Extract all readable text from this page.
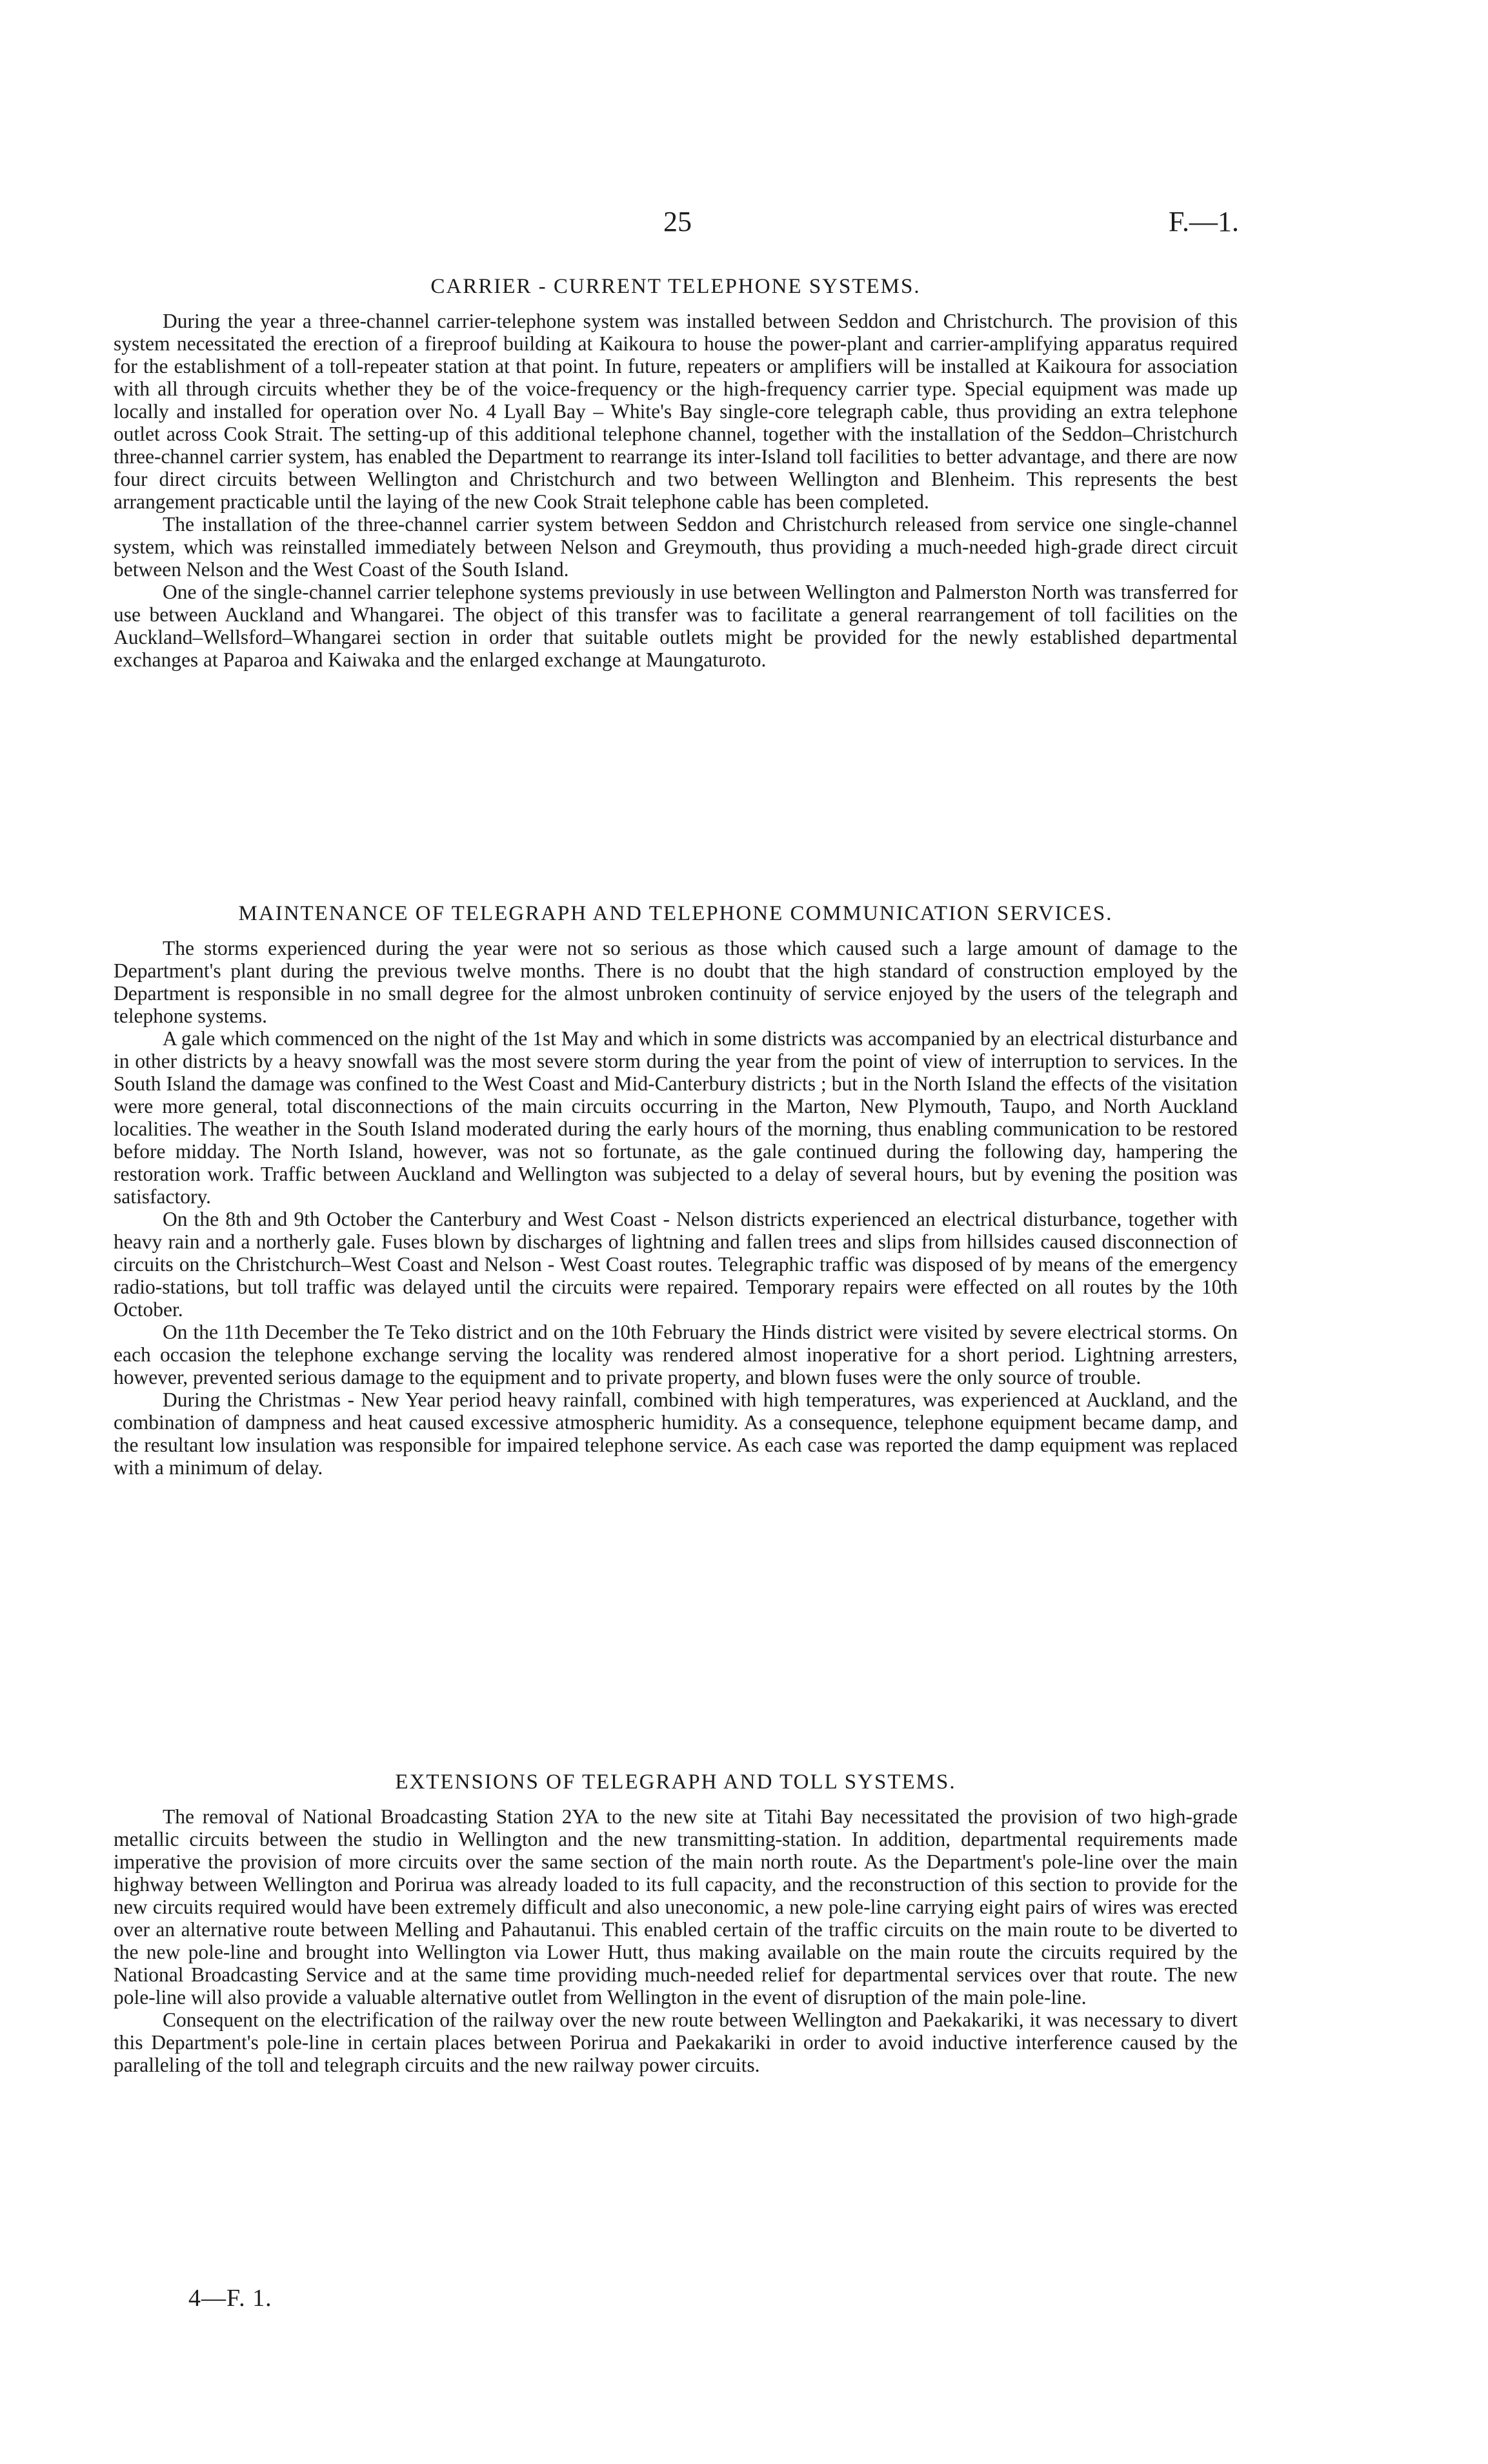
25	F.—1.

CARRIER - CURRENT TELEPHONE SYSTEMS.

During the year a three-channel carrier-telephone system was installed between Seddon and Christchurch. The provision of this system necessitated the erection of a fireproof building at Kaikoura to house the power-plant and carrier-amplifying apparatus required for the establishment of a toll-repeater station at that point. In future, repeaters or amplifiers will be installed at Kaikoura for association with all through circuits whether they be of the voice-frequency or the high-frequency carrier type. Special equipment was made up locally and installed for operation over No. 4 Lyall Bay – White's Bay single-core telegraph cable, thus providing an extra telephone outlet across Cook Strait. The setting-up of this additional telephone channel, together with the installation of the Seddon–Christchurch three-channel carrier system, has enabled the Department to rearrange its inter-Island toll facilities to better advantage, and there are now four direct circuits between Wellington and Christchurch and two between Wellington and Blenheim. This represents the best arrangement practicable until the laying of the new Cook Strait telephone cable has been completed.

The installation of the three-channel carrier system between Seddon and Christchurch released from service one single-channel system, which was reinstalled immediately between Nelson and Greymouth, thus providing a much-needed high-grade direct circuit between Nelson and the West Coast of the South Island.

One of the single-channel carrier telephone systems previously in use between Wellington and Palmerston North was transferred for use between Auckland and Whangarei. The object of this transfer was to facilitate a general rearrangement of toll facilities on the Auckland–Wellsford–Whangarei section in order that suitable outlets might be provided for the newly established departmental exchanges at Paparoa and Kaiwaka and the enlarged exchange at Maungaturoto.

MAINTENANCE OF TELEGRAPH AND TELEPHONE COMMUNICATION SERVICES.

The storms experienced during the year were not so serious as those which caused such a large amount of damage to the Department's plant during the previous twelve months. There is no doubt that the high standard of construction employed by the Department is responsible in no small degree for the almost unbroken continuity of service enjoyed by the users of the telegraph and telephone systems.

A gale which commenced on the night of the 1st May and which in some districts was accompanied by an electrical disturbance and in other districts by a heavy snowfall was the most severe storm during the year from the point of view of interruption to services. In the South Island the damage was confined to the West Coast and Mid-Canterbury districts ; but in the North Island the effects of the visitation were more general, total disconnections of the main circuits occurring in the Marton, New Plymouth, Taupo, and North Auckland localities. The weather in the South Island moderated during the early hours of the morning, thus enabling communication to be restored before midday. The North Island, however, was not so fortunate, as the gale continued during the following day, hampering the restoration work. Traffic between Auckland and Wellington was subjected to a delay of several hours, but by evening the position was satisfactory.

On the 8th and 9th October the Canterbury and West Coast - Nelson districts experienced an electrical disturbance, together with heavy rain and a northerly gale. Fuses blown by discharges of lightning and fallen trees and slips from hillsides caused disconnection of circuits on the Christchurch–West Coast and Nelson - West Coast routes. Telegraphic traffic was disposed of by means of the emergency radio-stations, but toll traffic was delayed until the circuits were repaired. Temporary repairs were effected on all routes by the 10th October.

On the 11th December the Te Teko district and on the 10th February the Hinds district were visited by severe electrical storms. On each occasion the telephone exchange serving the locality was rendered almost inoperative for a short period. Lightning arresters, however, prevented serious damage to the equipment and to private property, and blown fuses were the only source of trouble.

During the Christmas - New Year period heavy rainfall, combined with high temperatures, was experienced at Auckland, and the combination of dampness and heat caused excessive atmospheric humidity. As a consequence, telephone equipment became damp, and the resultant low insulation was responsible for impaired telephone service. As each case was reported the damp equipment was replaced with a minimum of delay.

EXTENSIONS OF TELEGRAPH AND TOLL SYSTEMS.

The removal of National Broadcasting Station 2YA to the new site at Titahi Bay necessitated the provision of two high-grade metallic circuits between the studio in Wellington and the new transmitting-station. In addition, departmental requirements made imperative the provision of more circuits over the same section of the main north route. As the Department's pole-line over the main highway between Wellington and Porirua was already loaded to its full capacity, and the reconstruction of this section to provide for the new circuits required would have been extremely difficult and also uneconomic, a new pole-line carrying eight pairs of wires was erected over an alternative route between Melling and Pahautanui. This enabled certain of the traffic circuits on the main route to be diverted to the new pole-line and brought into Wellington via Lower Hutt, thus making available on the main route the circuits required by the National Broadcasting Service and at the same time providing much-needed relief for departmental services over that route. The new pole-line will also provide a valuable alternative outlet from Wellington in the event of disruption of the main pole-line.

Consequent on the electrification of the railway over the new route between Wellington and Paekakariki, it was necessary to divert this Department's pole-line in certain places between Porirua and Paekakariki in order to avoid inductive interference caused by the paralleling of the toll and telegraph circuits and the new railway power circuits.

4—F. 1.
